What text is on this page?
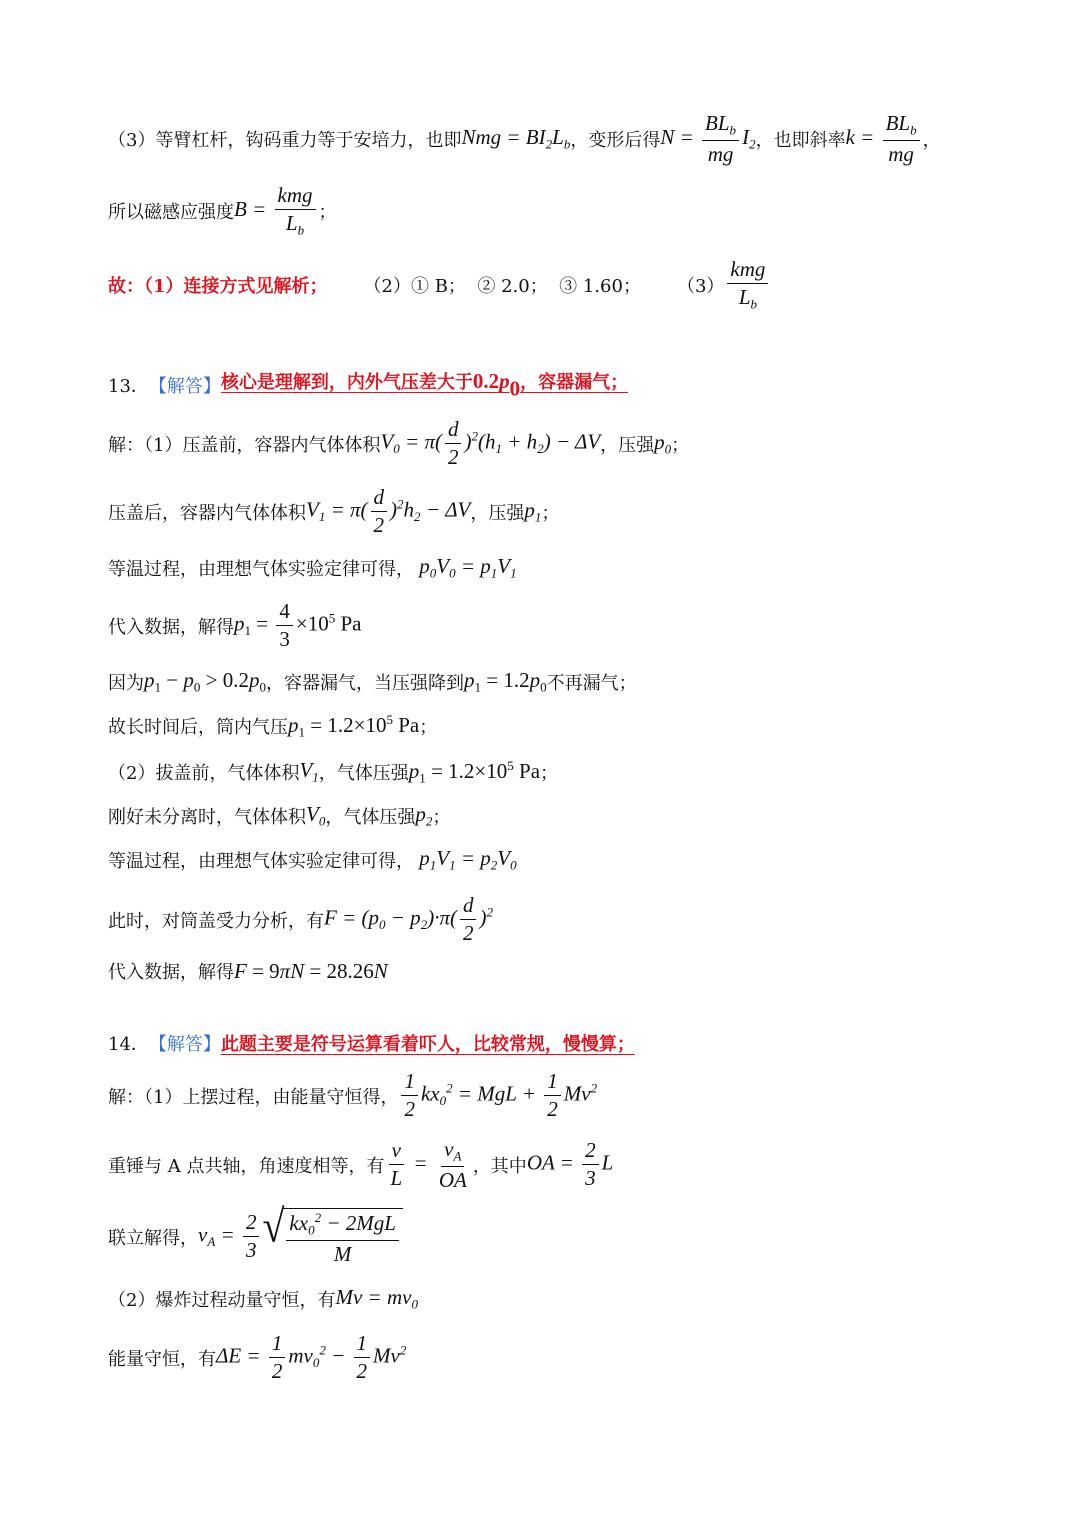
（3）等臂杠杆，钩码重力等于安培力，也即 Nmg = $BI_2L_b$ ，变形后得 $N = \frac{BL_b}{mg} I_2$ ，也即斜率 $k = \frac{BL_b}{mg}$ ，
所以磁感应强度 $B = \frac{\text{kmg}}{L_b}$ ；
故：（1）连接方式见解析； （2）① B；  ② 2.0；  ③ 1.60； $(3) \frac{\text{kmg}}{L_b}$
13． 【解答】 核心是理解到，内外气压差大于$0.2p_0$，容器漏气；
解：（1）压盖前，容器内气体体积 $V_0 = \pi( \frac{d}{2} )^2(h_1 + h_2) - \Delta V$ ，压强 $p_0$ ；
压盖后，容器内气体体积 $V_1 = \pi( \frac{d}{2} )^2h_2 - \Delta V$ ，压强 $p_1$ ；
等温过程，由理想气体实验定律可得， $p_0V_0 = p_1V_1$
代入数据，解得 $p_1 = \frac{4}{3} \times 10^5$ Pa
因为 $p_1 - p_0 > 0.2p_0$ ，容器漏气，当压强降到 $p_1 = 1.2p_0$ 不再漏气；
故长时间后，筒内气压 $p_1 = 1.2\times 10^5$ Pa ；
（2）拔盖前，气体体积 $V_1$ ，气体压强 $p_1 = 1.2\times 10^5$ Pa ；
刚好未分离时，气体体积 $V_0$ ，气体压强 $p_2$ ；
等温过程，由理想气体实验定律可得， $p_1V_1 = p_2V_0$
此时，对筒盖受力分析，有 $F = (p_0 - p_2)\cdot\pi( \frac{d}{2} )^2$
代入数据，解得 F = 9πN = 28.26N
14． 【解答】 此题主要是符号运算看着吓人，比较常规，慢慢算；
解：（1）上摆过程，由能量守恒得， $\frac{1}{2} kx_0^2$ = MgL + $\frac{1}{2} Mv^2$
重锤与 A 点共轴，角速度相等，有 $\frac{v}{L} = \frac{v_A}{OA}$ ，其中 OA = $\frac{2}{3}$ L
联立解得， $v_A = \frac{2}{3}$ √ $\frac{kx_0^2 - 2MgL}{M}$
（2）爆炸过程动量守恒，有 $Mv = mv_0$
能量守恒，有 $\Delta E = \frac{1}{2} mv_0^2 - \frac{1}{2} Mv^2$
